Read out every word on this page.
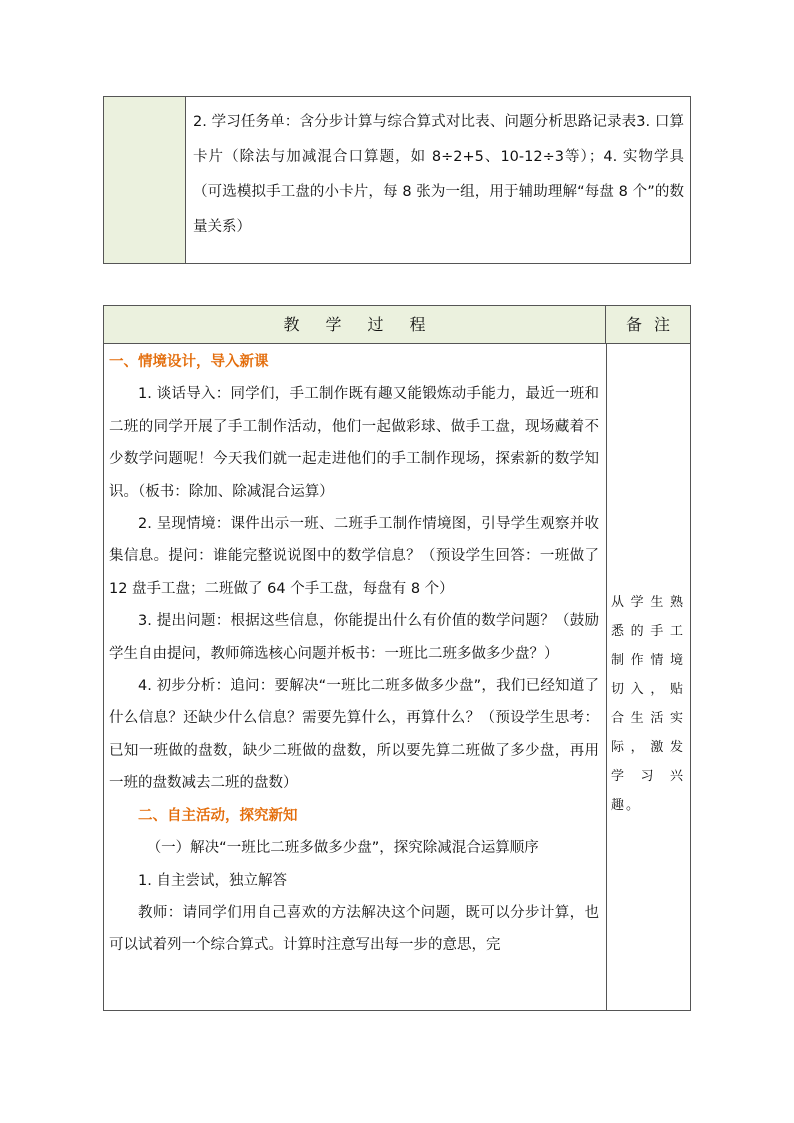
2. 学习任务单：含分步计算与综合算式对比表、问题分析思路记录表3. 口算卡片（除法与加减混合口算题，如 8÷2+5、10-12÷3等）；4. 实物学具（可选模拟手工盘的小卡片，每 8 张为一组，用于辅助理解“每盘 8 个”的数量关系）
教学过程	备注

一、情境设计，导入新课

1. 谈话导入：同学们，手工制作既有趣又能锻炼动手能力，最近一班和二班的同学开展了手工制作活动，他们一起做彩球、做手工盘，现场藏着不少数学问题呢！今天我们就一起走进他们的手工制作现场，探索新的数学知识。（板书：除加、除减混合运算）

2. 呈现情境：课件出示一班、二班手工制作情境图，引导学生观察并收集信息。提问：谁能完整说说图中的数学信息？（预设学生回答：一班做了 12 盘手工盘；二班做了 64 个手工盘，每盘有 8 个）

3. 提出问题：根据这些信息，你能提出什么有价值的数学问题？（鼓励学生自由提问，教师筛选核心问题并板书：一班比二班多做多少盘？）

4. 初步分析：追问：要解决“一班比二班多做多少盘”，我们已经知道了什么信息？还缺少什么信息？需要先算什么，再算什么？（预设学生思考：已知一班做的盘数，缺少二班做的盘数，所以要先算二班做了多少盘，再用一班的盘数减去二班的盘数）

二、自主活动，探究新知

（一）解决“一班比二班多做多少盘”，探究除减混合运算顺序

1. 自主尝试，独立解答

教师：请同学们用自己喜欢的方法解决这个问题，既可以分步计算，也可以试着列一个综合算式。计算时注意写出每一步的意思，完

从学生熟悉的手工制作情境切入，贴合生活实际，激发学习兴趣。
